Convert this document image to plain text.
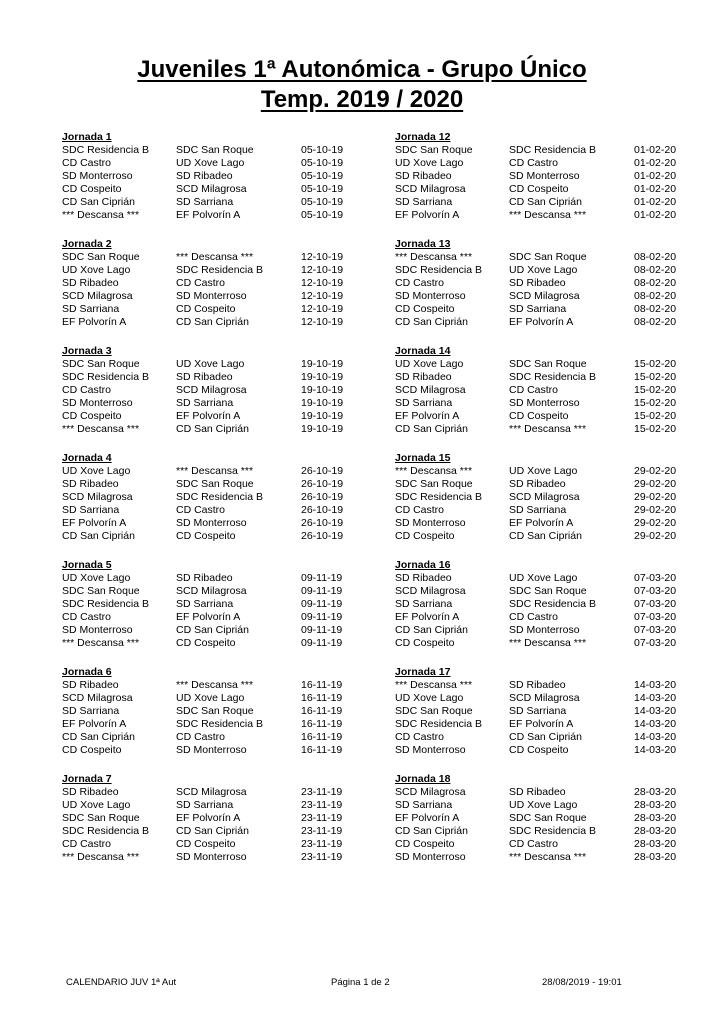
Juveniles 1ª Autonómica - Grupo Único
Temp. 2019 / 2020
Jornada 1
SDC Residencia B	SDC San Roque	05-10-19
CD Castro	UD Xove Lago	05-10-19
SD Monterroso	SD Ribadeo	05-10-19
CD Cospeito	SCD Milagrosa	05-10-19
CD San Ciprián	SD Sarriana	05-10-19
*** Descansa ***	EF Polvorín A	05-10-19
Jornada 2
SDC San Roque	*** Descansa ***	12-10-19
UD Xove Lago	SDC Residencia B	12-10-19
SD Ribadeo	CD Castro	12-10-19
SCD Milagrosa	SD Monterroso	12-10-19
SD Sarriana	CD Cospeito	12-10-19
EF Polvorín A	CD San Ciprián	12-10-19
Jornada 3
SDC San Roque	UD Xove Lago	19-10-19
SDC Residencia B	SD Ribadeo	19-10-19
CD Castro	SCD Milagrosa	19-10-19
SD Monterroso	SD Sarriana	19-10-19
CD Cospeito	EF Polvorín A	19-10-19
*** Descansa ***	CD San Ciprián	19-10-19
Jornada 4
UD Xove Lago	*** Descansa ***	26-10-19
SD Ribadeo	SDC San Roque	26-10-19
SCD Milagrosa	SDC Residencia B	26-10-19
SD Sarriana	CD Castro	26-10-19
EF Polvorín A	SD Monterroso	26-10-19
CD San Ciprián	CD Cospeito	26-10-19
Jornada 5
UD Xove Lago	SD Ribadeo	09-11-19
SDC San Roque	SCD Milagrosa	09-11-19
SDC Residencia B	SD Sarriana	09-11-19
CD Castro	EF Polvorín A	09-11-19
SD Monterroso	CD San Ciprián	09-11-19
*** Descansa ***	CD Cospeito	09-11-19
Jornada 6
SD Ribadeo	*** Descansa ***	16-11-19
SCD Milagrosa	UD Xove Lago	16-11-19
SD Sarriana	SDC San Roque	16-11-19
EF Polvorín A	SDC Residencia B	16-11-19
CD San Ciprián	CD Castro	16-11-19
CD Cospeito	SD Monterroso	16-11-19
Jornada 7
SD Ribadeo	SCD Milagrosa	23-11-19
UD Xove Lago	SD Sarriana	23-11-19
SDC San Roque	EF Polvorín A	23-11-19
SDC Residencia B	CD San Ciprián	23-11-19
CD Castro	CD Cospeito	23-11-19
*** Descansa ***	SD Monterroso	23-11-19
Jornada 12
SDC San Roque	SDC Residencia B	01-02-20
UD Xove Lago	CD Castro	01-02-20
SD Ribadeo	SD Monterroso	01-02-20
SCD Milagrosa	CD Cospeito	01-02-20
SD Sarriana	CD San Ciprián	01-02-20
EF Polvorín A	*** Descansa ***	01-02-20
Jornada 13
*** Descansa ***	SDC San Roque	08-02-20
SDC Residencia B	UD Xove Lago	08-02-20
CD Castro	SD Ribadeo	08-02-20
SD Monterroso	SCD Milagrosa	08-02-20
CD Cospeito	SD Sarriana	08-02-20
CD San Ciprián	EF Polvorín A	08-02-20
Jornada 14
UD Xove Lago	SDC San Roque	15-02-20
SD Ribadeo	SDC Residencia B	15-02-20
SCD Milagrosa	CD Castro	15-02-20
SD Sarriana	SD Monterroso	15-02-20
EF Polvorín A	CD Cospeito	15-02-20
CD San Ciprián	*** Descansa ***	15-02-20
Jornada 15
*** Descansa ***	UD Xove Lago	29-02-20
SDC San Roque	SD Ribadeo	29-02-20
SDC Residencia B	SCD Milagrosa	29-02-20
CD Castro	SD Sarriana	29-02-20
SD Monterroso	EF Polvorín A	29-02-20
CD Cospeito	CD San Ciprián	29-02-20
Jornada 16
SD Ribadeo	UD Xove Lago	07-03-20
SCD Milagrosa	SDC San Roque	07-03-20
SD Sarriana	SDC Residencia B	07-03-20
EF Polvorín A	CD Castro	07-03-20
CD San Ciprián	SD Monterroso	07-03-20
CD Cospeito	*** Descansa ***	07-03-20
Jornada 17
*** Descansa ***	SD Ribadeo	14-03-20
UD Xove Lago	SCD Milagrosa	14-03-20
SDC San Roque	SD Sarriana	14-03-20
SDC Residencia B	EF Polvorín A	14-03-20
CD Castro	CD San Ciprián	14-03-20
SD Monterroso	CD Cospeito	14-03-20
Jornada 18
SCD Milagrosa	SD Ribadeo	28-03-20
SD Sarriana	UD Xove Lago	28-03-20
EF Polvorín A	SDC San Roque	28-03-20
CD San Ciprián	SDC Residencia B	28-03-20
CD Cospeito	CD Castro	28-03-20
SD Monterroso	*** Descansa ***	28-03-20
CALENDARIO JUV 1ª Aut	Página 1 de 2	28/08/2019 - 19:01
